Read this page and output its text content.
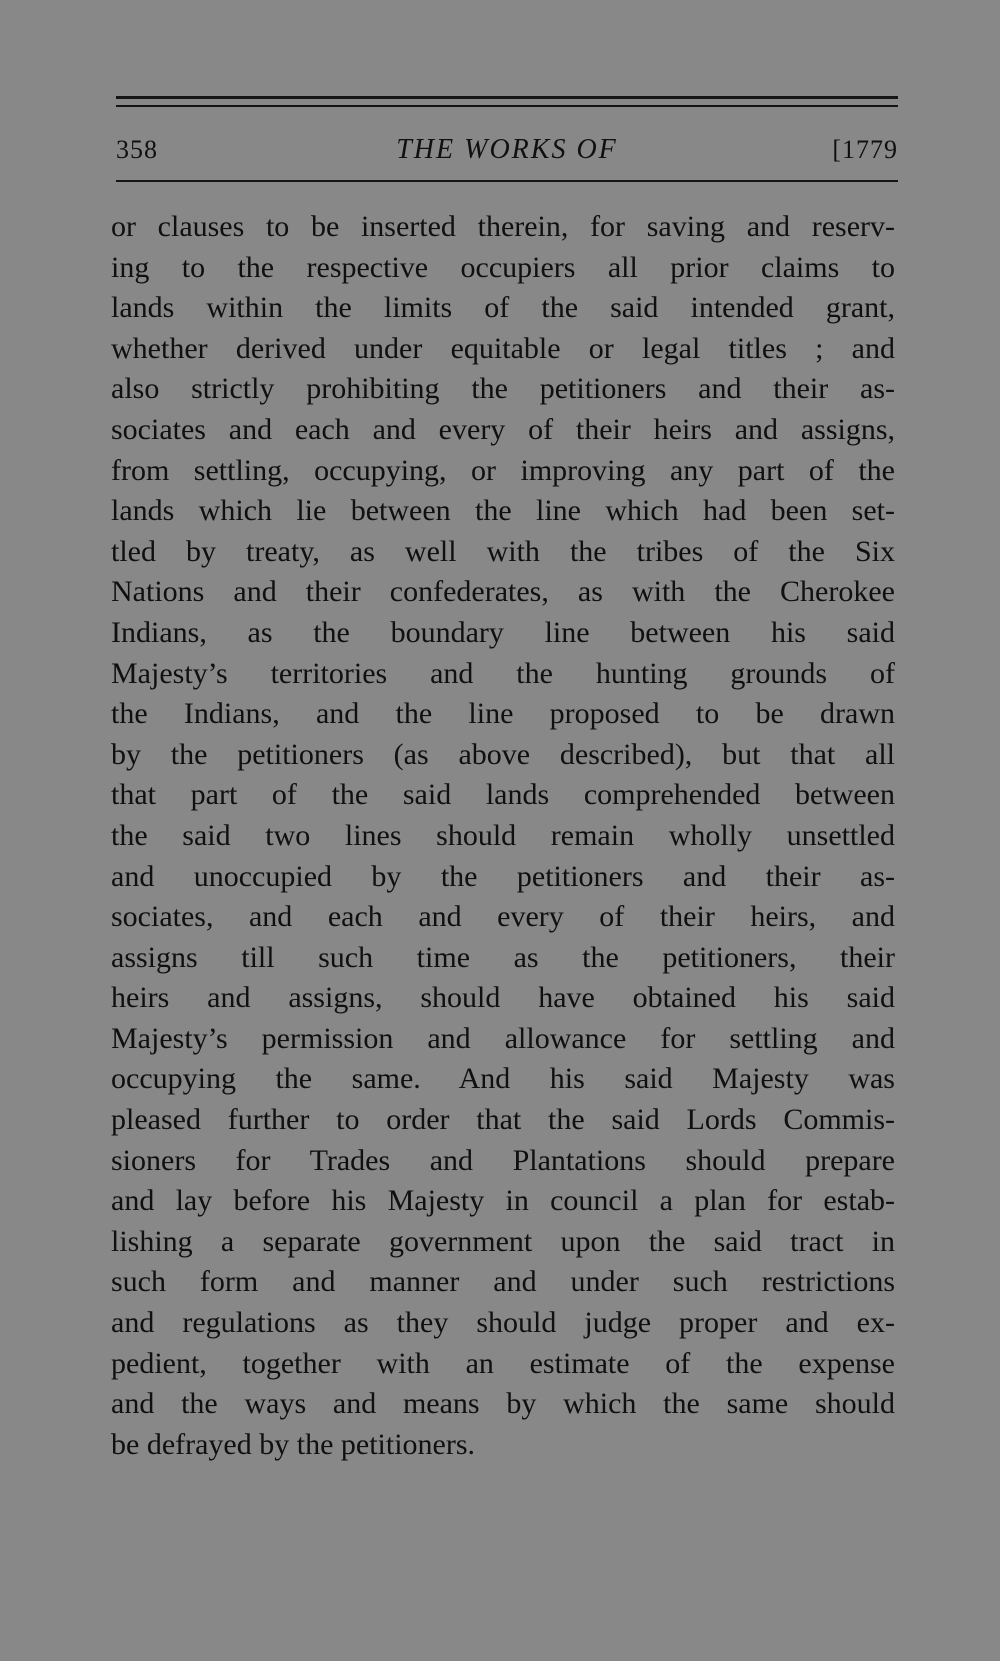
358	THE WORKS OF	[1779
or clauses to be inserted therein, for saving and reserv-
ing to the respective occupiers all prior claims to
lands within the limits of the said intended grant,
whether derived under equitable or legal titles ; and
also strictly prohibiting the petitioners and their as-
sociates and each and every of their heirs and assigns,
from settling, occupying, or improving any part of the
lands which lie between the line which had been set-
tled by treaty, as well with the tribes of the Six
Nations and their confederates, as with the Cherokee
Indians, as the boundary line between his said
Majesty’s territories and the hunting grounds of
the Indians, and the line proposed to be drawn
by the petitioners (as above described), but that all
that part of the said lands comprehended between
the said two lines should remain wholly unsettled
and unoccupied by the petitioners and their as-
sociates, and each and every of their heirs, and
assigns till such time as the petitioners, their
heirs and assigns, should have obtained his said
Majesty’s permission and allowance for settling and
occupying the same. And his said Majesty was
pleased further to order that the said Lords Commis-
sioners for Trades and Plantations should prepare
and lay before his Majesty in council a plan for estab-
lishing a separate government upon the said tract in
such form and manner and under such restrictions
and regulations as they should judge proper and ex-
pedient, together with an estimate of the expense
and the ways and means by which the same should
be defrayed by the petitioners.
